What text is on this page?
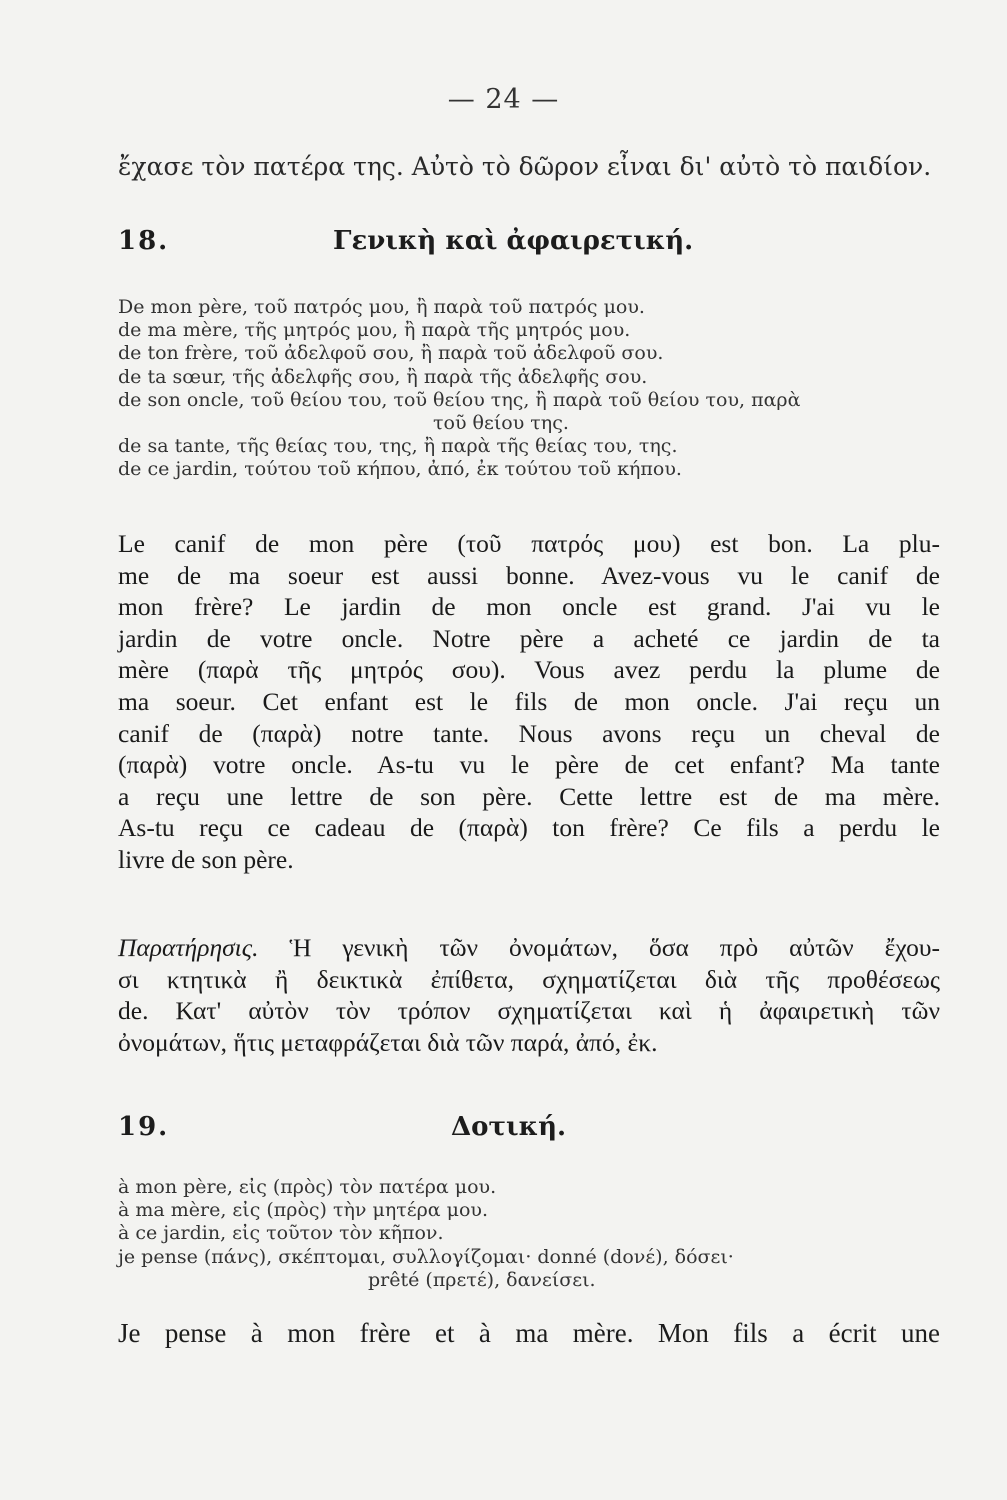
— 24 —
ἔχασε τὸν πατέρα της. Αὐτὸ τὸ δῶρον εἶναι δι' αὐτὸ τὸ παιδίον.
18.	Γενικὴ καὶ ἀφαιρετική.
De mon père, τοῦ πατρός μου, ἢ παρὰ τοῦ πατρός μου.
de ma mère, τῆς μητρός μου, ἢ παρὰ τῆς μητρός μου.
de ton frère, τοῦ ἀδελφοῦ σου, ἢ παρὰ τοῦ ἀδελφοῦ σου.
de ta sœur, τῆς ἀδελφῆς σου, ἢ παρὰ τῆς ἀδελφῆς σου.
de son oncle, τοῦ θείου του, τοῦ θείου της, ἢ παρὰ τοῦ θείου του, παρὰ
τοῦ θείου της.
de sa tante, τῆς θείας του, της, ἢ παρὰ τῆς θείας του, της.
de ce jardin, τούτου τοῦ κήπου, ἀπό, ἐκ τούτου τοῦ κήπου.
Le canif de mon père (τοῦ πατρός μου) est bon. La plu-
me de ma soeur est aussi bonne. Avez-vous vu le canif de
mon frère? Le jardin de mon oncle est grand. J'ai vu le
jardin de votre oncle. Notre père a acheté ce jardin de ta
mère (παρὰ τῆς μητρός σου). Vous avez perdu la plume de
ma soeur. Cet enfant est le fils de mon oncle. J'ai reçu un
canif de (παρὰ) notre tante. Nous avons reçu un cheval de
(παρὰ) votre oncle. As-tu vu le père de cet enfant? Ma tante
a reçu une lettre de son père. Cette lettre est de ma mère.
As-tu reçu ce cadeau de (παρὰ) ton frère? Ce fils a perdu le
livre de son père.
Παρατήρησις. Ἡ γενικὴ τῶν ὀνομάτων, ὅσα πρὸ αὐτῶν ἔχου-
σι κτητικὰ ἢ δεικτικὰ ἐπίθετα, σχηματίζεται διὰ τῆς προθέσεως
de. Κατ' αὐτὸν τὸν τρόπον σχηματίζεται καὶ ἡ ἀφαιρετικὴ τῶν
ὀνομάτων, ἥτις μεταφράζεται διὰ τῶν παρά, ἀπό, ἐκ.
19.	Δοτική.
à mon père, εἰς (πρὸς) τὸν πατέρα μου.
à ma mère, εἰς (πρὸς) τὴν μητέρα μου.
à ce jardin, εἰς τοῦτον τὸν κῆπον.
je pense (πάνς), σκέπτομαι, συλλογίζομαι· donné (dονέ), δόσει·
prêté (πρετέ), δανείσει.
Je pense à mon frère et à ma mère. Mon fils a écrit une
